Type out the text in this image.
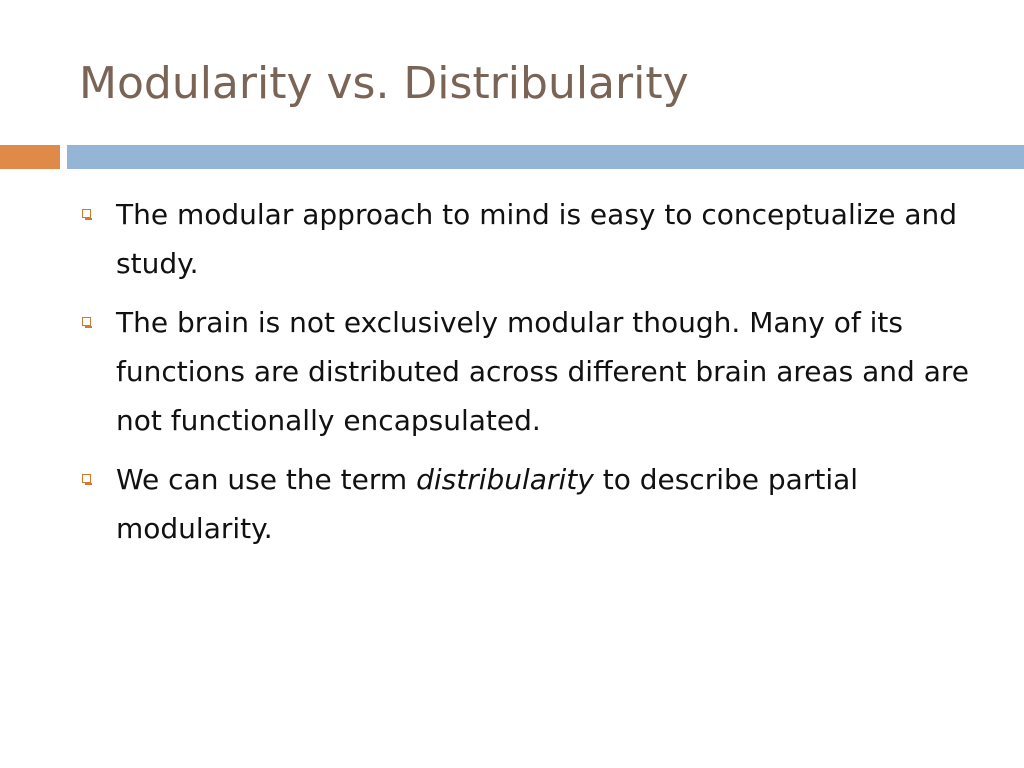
Modularity vs. Distribularity
The modular approach to mind is easy to conceptualize and study.
The brain is not exclusively modular though. Many of its functions are distributed across different brain areas and are not functionally encapsulated.
We can use the term distribularity to describe partial modularity.
